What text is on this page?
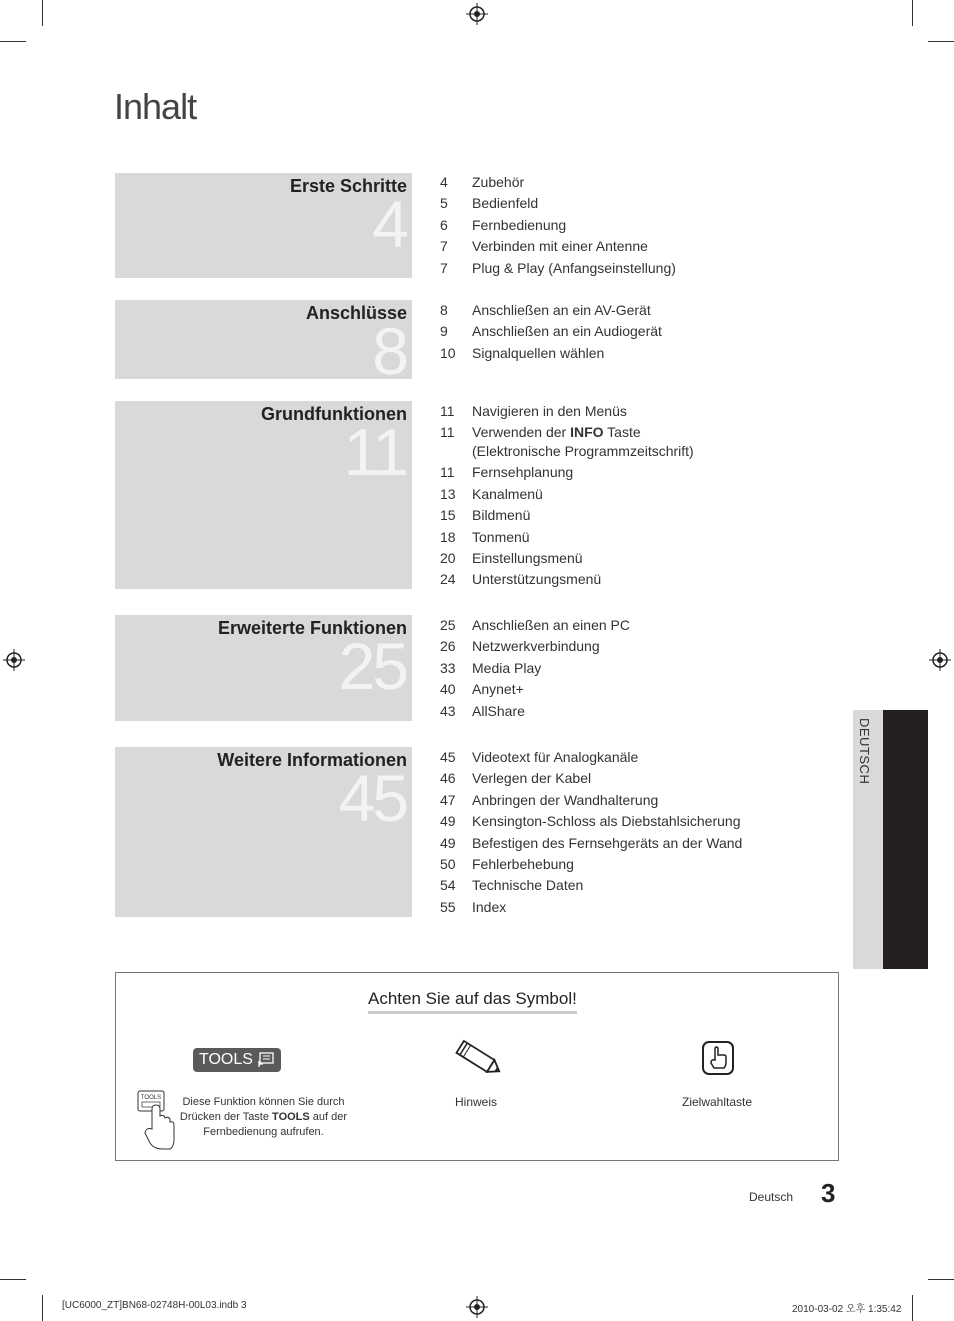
Inhalt
Erste Schritte
4
4	Zubehör
5	Bedienfeld
6	Fernbedienung
7	Verbinden mit einer Antenne
7	Plug & Play (Anfangseinstellung)
Anschlüsse
8
8	Anschließen an ein AV-Gerät
9	Anschließen an ein Audiogerät
10	Signalquellen wählen
Grundfunktionen
11
11	Navigieren in den Menüs
11	Verwenden der INFO Taste
(Elektronische Programmzeitschrift)
11	Fernsehplanung
13	Kanalmenü
15	Bildmenü
18	Tonmenü
20	Einstellungsmenü
24	Unterstützungsmenü
Erweiterte Funktionen
25
25	Anschließen an einen PC
26	Netzwerkverbindung
33	Media Play
40	Anynet+
43	AllShare
Weitere Informationen
45
45	Videotext für Analogkanäle
46	Verlegen der Kabel
47	Anbringen der Wandhalterung
49	Kensington-Schloss als Diebstahlsicherung
49	Befestigen des Fernsehgeräts an der Wand
50	Fehlerbehebung
54	Technische Daten
55	Index
DEUTSCH
Achten Sie auf das Symbol!
TOOLS
TOOLS	Diese Funktion können Sie durch
Drücken der Taste TOOLS auf der
Fernbedienung aufrufen.
Hinweis	Zielwahltaste
Deutsch 3
[UC6000_ZT]BN68-02748H-00L03.indb 3	2010-03-02 오후 1:35:42
